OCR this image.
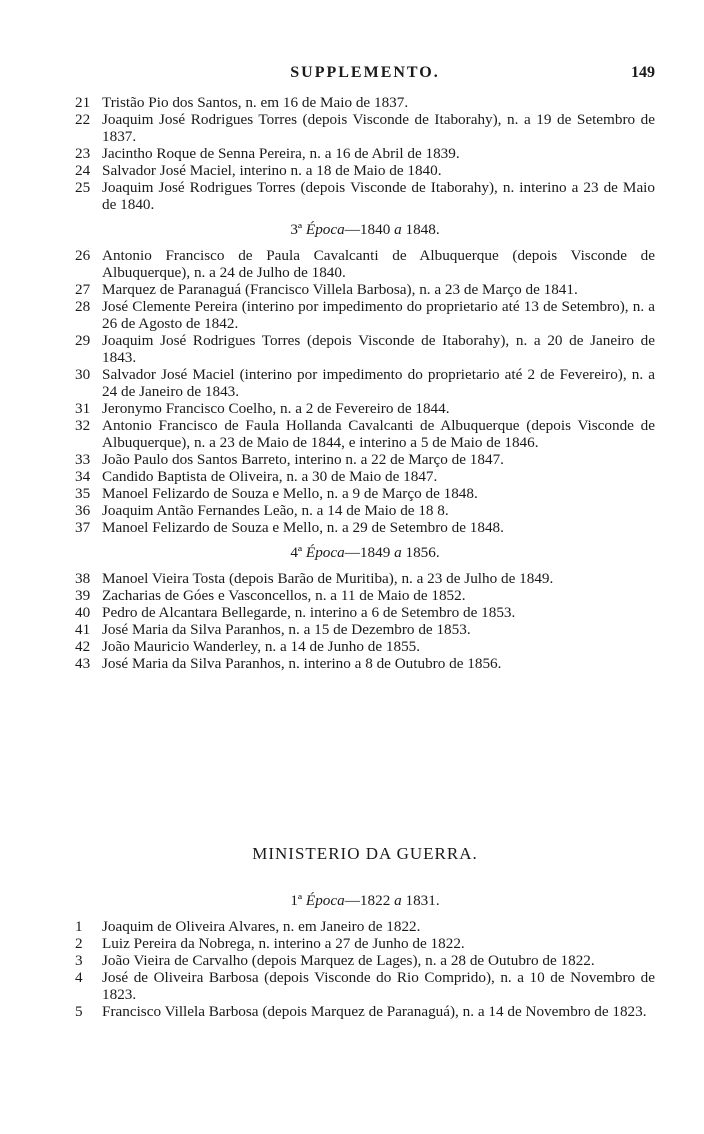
SUPPLEMENTO.	149
21 Tristão Pio dos Santos, n. em 16 de Maio de 1837.
22 Joaquim José Rodrigues Torres (depois Visconde de Itaborahy), n. a 19 de Setembro de 1837.
23 Jacintho Roque de Senna Pereira, n. a 16 de Abril de 1839.
24 Salvador José Maciel, interino n. a 18 de Maio de 1840.
25 Joaquim José Rodrigues Torres (depois Visconde de Itaborahy), n. interino a 23 de Maio de 1840.
3ª Época—1840 a 1848.
26 Antonio Francisco de Paula Cavalcanti de Albuquerque (depois Visconde de Albuquerque), n. a 24 de Julho de 1840.
27 Marquez de Paranaguá (Francisco Villela Barbosa), n. a 23 de Março de 1841.
28 José Clemente Pereira (interino por impedimento do proprietario até 13 de Setembro), n. a 26 de Agosto de 1842.
29 Joaquim José Rodrigues Torres (depois Visconde de Itaborahy), n. a 20 de Janeiro de 1843.
30 Salvador José Maciel (interino por impedimento do proprietario até 2 de Fevereiro), n. a 24 de Janeiro de 1843.
31 Jeronymo Francisco Coelho, n. a 2 de Fevereiro de 1844.
32 Antonio Francisco de Faula Hollanda Cavalcanti de Albuquerque (depois Visconde de Albuquerque), n. a 23 de Maio de 1844, e interino a 5 de Maio de 1846.
33 João Paulo dos Santos Barreto, interino n. a 22 de Março de 1847.
34 Candido Baptista de Oliveira, n. a 30 de Maio de 1847.
35 Manoel Felizardo de Souza e Mello, n. a 9 de Março de 1848.
36 Joaquim Antão Fernandes Leão, n. a 14 de Maio de 18 8.
37 Manoel Felizardo de Souza e Mello, n. a 29 de Setembro de 1848.
4ª Época—1849 a 1856.
38 Manoel Vieira Tosta (depois Barão de Muritiba), n. a 23 de Julho de 1849.
39 Zacharias de Góes e Vasconcellos, n. a 11 de Maio de 1852.
40 Pedro de Alcantara Bellegarde, n. interino a 6 de Setembro de 1853.
41 José Maria da Silva Paranhos, n. a 15 de Dezembro de 1853.
42 João Mauricio Wanderley, n. a 14 de Junho de 1855.
43 José Maria da Silva Paranhos, n. interino a 8 de Outubro de 1856.
MINISTERIO DA GUERRA.
1ª Época—1822 a 1831.
1	Joaquim de Oliveira Alvares, n. em Janeiro de 1822.
2	Luiz Pereira da Nobrega, n. interino a 27 de Junho de 1822.
3	João Vieira de Carvalho (depois Marquez de Lages), n. a 28 de Outubro de 1822.
4	José de Oliveira Barbosa (depois Visconde do Rio Comprido), n. a 10 de Novembro de 1823.
5	Francisco Villela Barbosa (depois Marquez de Paranaguá), n. a 14 de Novembro de 1823.
